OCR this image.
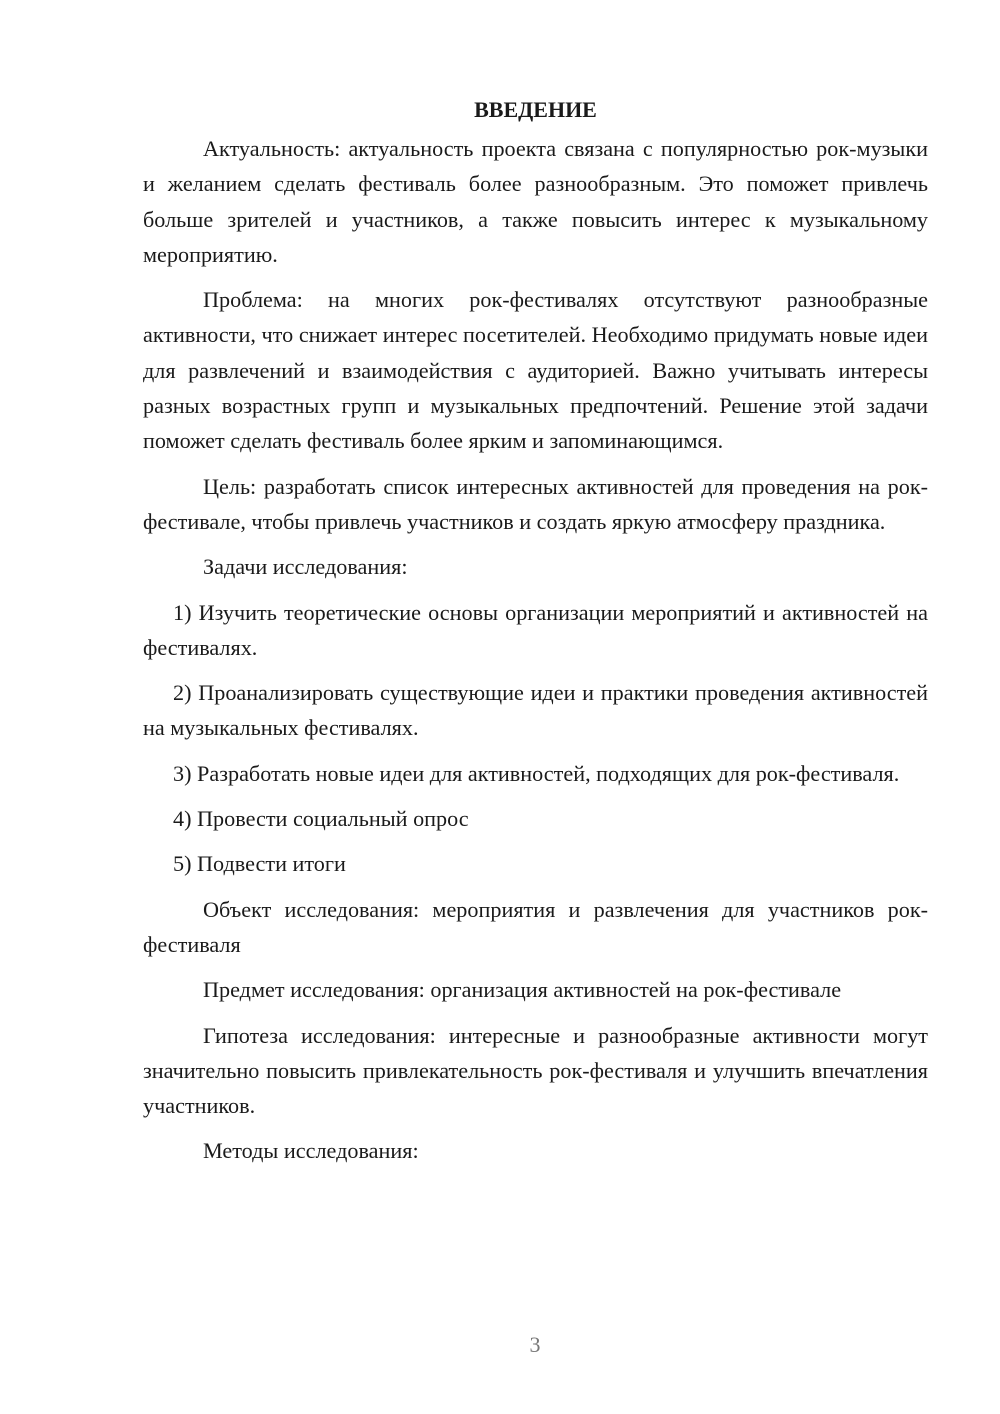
ВВЕДЕНИЕ

Актуальность: актуальность проекта связана с популярностью рок-музыки и желанием сделать фестиваль более разнообразным. Это поможет привлечь больше зрителей и участников, а также повысить интерес к музыкальному мероприятию.

Проблема: на многих рок-фестивалях отсутствуют разнообразные активности, что снижает интерес посетителей. Необходимо придумать новые идеи для развлечений и взаимодействия с аудиторией. Важно учитывать интересы разных возрастных групп и музыкальных предпочтений. Решение этой задачи поможет сделать фестиваль более ярким и запоминающимся.

Цель: разработать список интересных активностей для проведения на рок-фестивале, чтобы привлечь участников и создать яркую атмосферу праздника.

Задачи исследования:

1) Изучить теоретические основы организации мероприятий и активностей на фестивалях.

2) Проанализировать существующие идеи и практики проведения активностей на музыкальных фестивалях.

3) Разработать новые идеи для активностей, подходящих для рок-фестиваля.

4) Провести социальный опрос

5) Подвести итоги

Объект исследования: мероприятия и развлечения для участников рок-фестиваля

Предмет исследования: организация активностей на рок-фестивале

Гипотеза исследования: интересные и разнообразные активности могут значительно повысить привлекательность рок-фестиваля и улучшить впечатления участников.

Методы исследования:

3
